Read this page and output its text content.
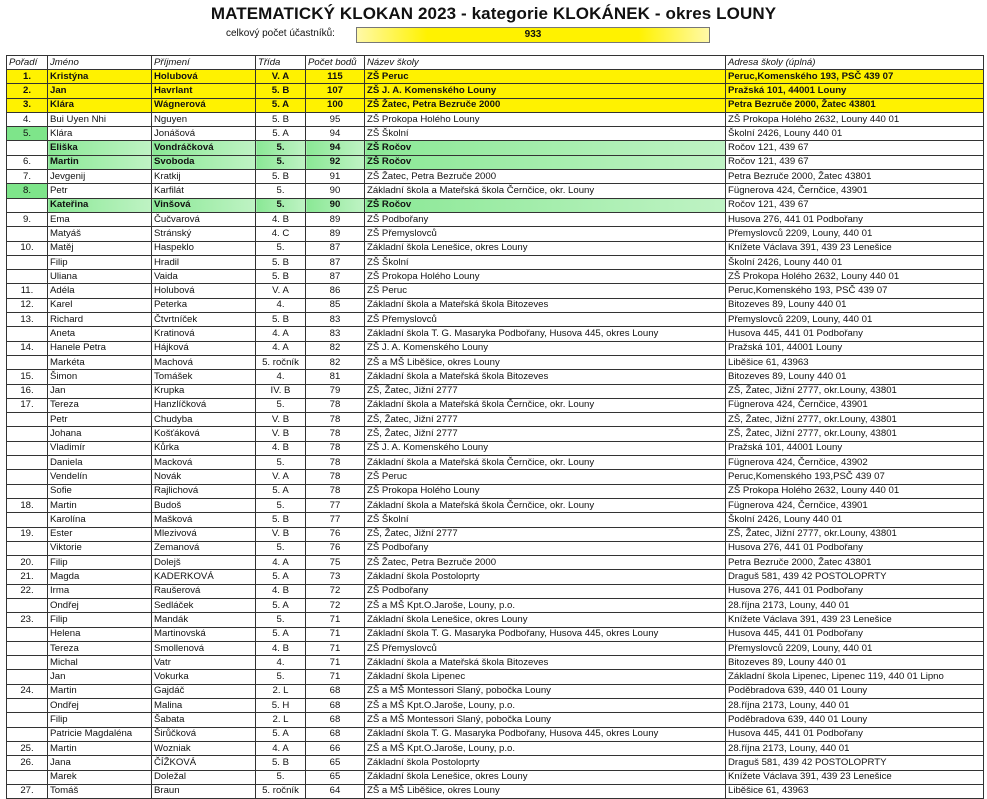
MATEMATICKÝ KLOKAN 2023 - kategorie KLOKÁNEK - okres LOUNY
celkový počet účastníků:	933
Pořadí	Jméno	Příjmení	Třída	Počet bodů	Název školy	Adresa školy (úplná)
1.	Kristýna	Holubová	V. A	115	ZŠ Peruc	Peruc,Komenského 193, PSČ 439 07
2.	Jan	Havrlant	5. B	107	ZŠ J. A. Komenského Louny	Pražská 101, 44001 Louny
3.	Klára	Wágnerová	5. A	100	ZŠ Žatec, Petra Bezruče 2000	Petra Bezruče 2000, Žatec 43801
4.	Bui Uyen Nhi	Nguyen	5. B	95	ZŠ Prokopa Holého Louny	ZŠ Prokopa Holého 2632, Louny 440 01
5.	Klára	Jonášová	5. A	94	ZŠ Školní	Školní 2426, Louny 440 01
	Eliška	Vondráčková	5.	94	ZŠ Ročov	Ročov 121, 439 67
6.	Martin	Svoboda	5.	92	ZŠ Ročov	Ročov 121, 439 67
7.	Jevgenij	Kratkij	5. B	91	ZŠ Žatec, Petra Bezruče 2000	Petra Bezruče 2000, Žatec 43801
8.	Petr	Karfilát	5.	90	Základní škola a Mateřská škola Černčice, okr. Louny	Fügnerova 424, Černčice, 43901
	Kateřina	Vinšová	5.	90	ZŠ Ročov	Ročov 121, 439 67
9.	Ema	Čučvarová	4. B	89	ZŠ Podbořany	Husova 276, 441 01 Podbořany
	Matyáš	Stránský	4. C	89	ZŠ Přemyslovců	Přemyslovců 2209, Louny, 440 01
10.	Matěj	Haspeklo	5.	87	Základní škola Lenešice, okres Louny	Knížete Václava 391, 439 23 Lenešice
	Filip	Hradil	5. B	87	ZŠ Školní	Školní 2426, Louny 440 01
	Uliana	Vaida	5. B	87	ZŠ Prokopa Holého Louny	ZŠ Prokopa Holého 2632, Louny 440 01
11.	Adéla	Holubová	V. A	86	ZŠ Peruc	Peruc,Komenského 193, PSČ 439 07
12.	Karel	Peterka	4.	85	Základní škola a Mateřská škola Bitozeves	Bitozeves 89, Louny 440 01
13.	Richard	Čtvrtníček	5. B	83	ZŠ Přemyslovců	Přemyslovců 2209, Louny, 440 01
	Aneta	Kratinová	4. A	83	Základní škola T. G. Masaryka Podbořany, Husova 445, okres Louny	Husova 445, 441 01 Podbořany
14.	Hanele Petra	Hájková	4. A	82	ZŠ J. A. Komenského Louny	Pražská 101, 44001 Louny
	Markéta	Machová	5. ročník	82	ZŠ a MŠ Liběšice, okres Louny	Liběšice 61, 43963
15.	Šimon	Tomášek	4.	81	Základní škola a Mateřská škola Bitozeves	Bitozeves 89, Louny 440 01
16.	Jan	Krupka	IV. B	79	ZŠ, Žatec, Jižní 2777	ZŠ, Žatec, Jižní 2777, okr.Louny, 43801
17.	Tereza	Hanzlíčková	5.	78	Základní škola a Mateřská škola Černčice, okr. Louny	Fügnerova 424, Černčice, 43901
	Petr	Chudyba	V. B	78	ZŠ, Žatec, Jižní 2777	ZŠ, Žatec, Jižní 2777, okr.Louny, 43801
	Johana	Košťáková	V. B	78	ZŠ, Žatec, Jižní 2777	ZŠ, Žatec, Jižní 2777, okr.Louny, 43801
	Vladimír	Kůrka	4. B	78	ZŠ J. A. Komenského Louny	Pražská 101, 44001 Louny
	Daniela	Macková	5.	78	Základní škola a Mateřská škola Černčice, okr. Louny	Fügnerova 424, Černčice, 43902
	Vendelín	Novák	V. A	78	ZŠ Peruc	Peruc,Komenského 193,PSČ 439 07
	Sofie	Rajlichová	5. A	78	ZŠ Prokopa Holého Louny	ZŠ Prokopa Holého 2632, Louny 440 01
18.	Martin	Budoš	5.	77	Základní škola a Mateřská škola Černčice, okr. Louny	Fügnerova 424, Černčice, 43901
	Karolína	Mašková	5. B	77	ZŠ Školní	Školní 2426, Louny 440 01
19.	Ester	Mlezivová	V. B	76	ZŠ, Žatec, Jižní 2777	ZŠ, Žatec, Jižní 2777, okr.Louny, 43801
	Viktorie	Zemanová	5.	76	ZŠ Podbořany	Husova 276, 441 01 Podbořany
20.	Filip	Dolejš	4. A	75	ZŠ Žatec, Petra Bezruče 2000	Petra Bezruče 2000, Žatec 43801
21.	Magda	KADERKOVÁ	5. A	73	Základní škola Postoloprty	Draguš 581, 439 42 POSTOLOPRTY
22.	Irma	Raušerová	4. B	72	ZŠ Podbořany	Husova 276, 441 01 Podbořany
	Ondřej	Sedláček	5. A	72	ZŠ a MŠ Kpt.O.Jaroše, Louny, p.o.	28.října 2173, Louny, 440 01
23.	Filip	Mandák	5.	71	Základní škola Lenešice, okres Louny	Knížete Václava 391, 439 23 Lenešice
	Helena	Martinovská	5. A	71	Základní škola T. G. Masaryka Podbořany, Husova 445, okres Louny	Husova 445, 441 01 Podbořany
	Tereza	Smollenová	4. B	71	ZŠ Přemyslovců	Přemyslovců 2209, Louny, 440 01
	Michal	Vatr	4.	71	Základní škola a Mateřská škola Bitozeves	Bitozeves 89, Louny 440 01
	Jan	Vokurka	5.	71	Základní škola Lipenec	Základní škola Lipenec, Lipenec 119, 440 01 Lipno
24.	Martin	Gajdáč	2. L	68	ZŠ a MŠ Montessori Slaný, pobočka Louny	Poděbradova 639, 440 01 Louny
	Ondřej	Malina	5. H	68	ZŠ a MŠ Kpt.O.Jaroše, Louny, p.o.	28.října 2173, Louny, 440 01
	Filip	Šabata	2. L	68	ZŠ a MŠ Montessori Slaný, pobočka Louny	Poděbradova 639, 440 01 Louny
	Patricie Magdaléna	Širůčková	5. A	68	Základní škola T. G. Masaryka Podbořany, Husova 445, okres Louny	Husova 445, 441 01 Podbořany
25.	Martin	Wozniak	4. A	66	ZŠ a MŠ Kpt.O.Jaroše, Louny, p.o.	28.října 2173, Louny, 440 01
26.	Jana	ČÍŽKOVÁ	5. B	65	Základní škola Postoloprty	Draguš 581, 439 42 POSTOLOPRTY
	Marek	Doležal	5.	65	Základní škola Lenešice, okres Louny	Knížete Václava 391, 439 23 Lenešice
27.	Tomáš	Braun	5. ročník	64	ZŠ a MŠ Liběšice, okres Louny	Liběšice 61, 43963
